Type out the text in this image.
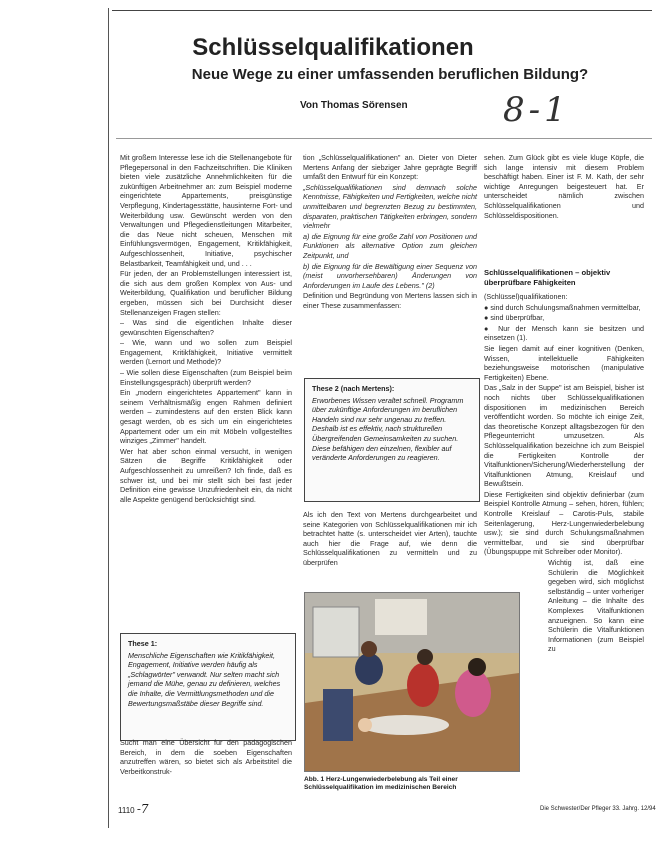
Schlüsselqualifikationen
Neue Wege zu einer umfassenden beruflichen Bildung?
Von Thomas Sörensen	8-1

Mit großem Interesse lese ich die Stellenangebote für Pflegepersonal in den Fachzeitschriften. Die Kliniken bieten viele zusätzliche Annehmlichkeiten für die zukünftigen Arbeitnehmer an: zum Beispiel moderne eingerichtete Appartements, preisgünstige Verpflegung, Kindertagesstätte, hausinterne Fort- und Weiterbildung usw. Gewünscht werden von den Verwaltungen und Pflegedienstleitungen Mitarbeiter, die das Neue nicht scheuen, Menschen mit Einfühlungsvermögen, Engagement, Kritikfähigkeit, Aufgeschlossenheit, Initiative, psychischer Belastbarkeit, Teamfähigkeit und, und . . .

Für jeden, der an Problemstellungen interessiert ist, die sich aus dem großen Komplex von Aus- und Weiterbildung, Qualifikation und beruflicher Bildung ergeben, müssen sich bei Durchsicht dieser Stellenanzeigen Fragen stellen:

– Was sind die eigentlichen Inhalte dieser gewünschten Eigenschaften?

– Wie, wann und wo sollen zum Beispiel Engagement, Kritikfähigkeit, Initiative vermittelt werden (Lernort und Methode)?

– Wie sollen diese Eigenschaften (zum Beispiel beim Einstellungsgespräch) überprüft werden?

Ein „modern eingerichtetes Appartement" kann in seinem Verhältnismäßig engen Rahmen definiert werden – zumindestens auf den ersten Blick kann gesagt werden, ob es sich um ein eingerichtetes Appartement oder um ein mit Möbeln vollgestelltes winziges „Zimmer" handelt.

Wer hat aber schon einmal versucht, in wenigen Sätzen die Begriffe Kritikfähigkeit oder Aufgeschlossenheit zu umreißen? Ich finde, daß es schwer ist, und bei mir stellt sich bei fast jeder Definition eine gewisse Unzufriedenheit ein, da nicht alle Aspekte genügend berücksichtigt sind.

These 1:
Menschliche Eigenschaften wie Kritikfähigkeit, Engagement, Initiative werden häufig als „Schlagwörter" verwandt. Nur selten macht sich jemand die Mühe, genau zu definieren, welches die Inhalte, die Vermittlungsmethoden und die Bewertungsmaßstäbe dieser Begriffe sind.

Sucht man eine Übersicht für den pädagogischen Bereich, in dem die soeben Eigenschaften anzutreffen wären, so bietet sich als Arbeitstitel die Verbeitkonstruk-

tion „Schlüsselqualifikationen" an. Dieter von Dieter Mertens Anfang der siebziger Jahre geprägte Begriff umfaßt den Entwurf für ein Konzept:

„Schlüsselqualifikationen sind demnach solche Kenntnisse, Fähigkeiten und Fertigkeiten, welche nicht unmittelbaren und begrenzten Bezug zu bestimmten, disparaten, praktischen Tätigkeiten erbringen, sondern vielmehr

a) die Eignung für eine große Zahl von Positionen und Funktionen als alternative Option zum gleichen Zeitpunkt, und

b) die Eignung für die Bewältigung einer Sequenz von (meist unvorhersehbaren) Änderungen von Anforderungen im Laufe des Lebens." (2)

Definition und Begründung von Mertens lassen sich in einer These zusammenfassen:

These 2 (nach Mertens):
Erworbenes Wissen veraltet schnell. Programm über zukünftige Anforderungen im beruflichen Handeln sind nur sehr ungenau zu treffen. Deshalb ist es effektiv, nach strukturellen Übergreifenden Gemeinsamkeiten zu suchen. Diese befähigen den einzelnen, flexibler auf veränderte Anforderungen zu reagieren.

Als ich den Text von Mertens durchgearbeitet und seine Kategorien von Schlüsselqualifikationen mir ich betrachtet hatte (s. unterscheidet vier Arten), tauchte auch hier die Frage auf, wie denn die Schlüsselqualifikationen zu vermitteln und zu überprüfen

Abb. 1 Herz-Lungenwiederbelebung als Teil einer Schlüsselqualifikation im medizinischen Bereich

sehen. Zum Glück gibt es viele kluge Köpfe, die sich lange intensiv mit diesem Problem beschäftigt haben. Einer ist F. M. Kath, der sehr wichtige Anregungen beigesteuert hat. Er unterscheidet nämlich zwischen Schlüsselqualifikationen und Schlüsseldispositionen.

Schlüsselqualifikationen – objektiv überprüfbare Fähigkeiten

(Schlüssel)qualifikationen:

● sind durch Schulungsmaßnahmen vermittelbar,

● sind überprüfbar,

● Nur der Mensch kann sie besitzen und einsetzen (1).

Sie liegen damit auf einer kognitiven (Denken, Wissen, intellektuelle Fähigkeiten beziehungsweise motorischen (manipulative Fertigkeiten) Ebene.

Das „Salz in der Suppe" ist am Beispiel, bisher ist noch nichts über Schlüsselqualifikationen dispositionen im medizinischen Bereich veröffentlicht worden. So möchte ich einige Zeit, das theoretische Konzept alltagsbezogen für den Pflegeunterricht umzusetzen. Als Schlüsselqualifikation bezeichne ich zum Beispiel die Fertigkeiten Kontrolle der Vitalfunktionen/Sicherung/Wiederherstellung der Vitalfunktionen Atmung, Kreislauf und Bewußtsein.

Diese Fertigkeiten sind objektiv definierbar (zum Beispiel Kontrolle Atmung – sehen, hören, fühlen; Kontrolle Kreislauf – Carotis-Puls, stabile Seitenlagerung, Herz-Lungenwiederbelebung usw.); sie sind durch Schulungsmaßnahmen vermittelbar, und sie sind überprüfbar (Übungspuppe mit Schreiber oder Monitor).

Wichtig ist, daß eine Schülerin die Möglichkeit gegeben wird, sich möglichst selbständig – unter vorheriger Anleitung – die Inhalte des Komplexes Vitalfunktionen anzueignen. So kann eine Schülerin die Vitalfunktionen Informationen (zum Beispiel zu

1110 -7	Die Schwester/Der Pfleger 33. Jahrg. 12/94
